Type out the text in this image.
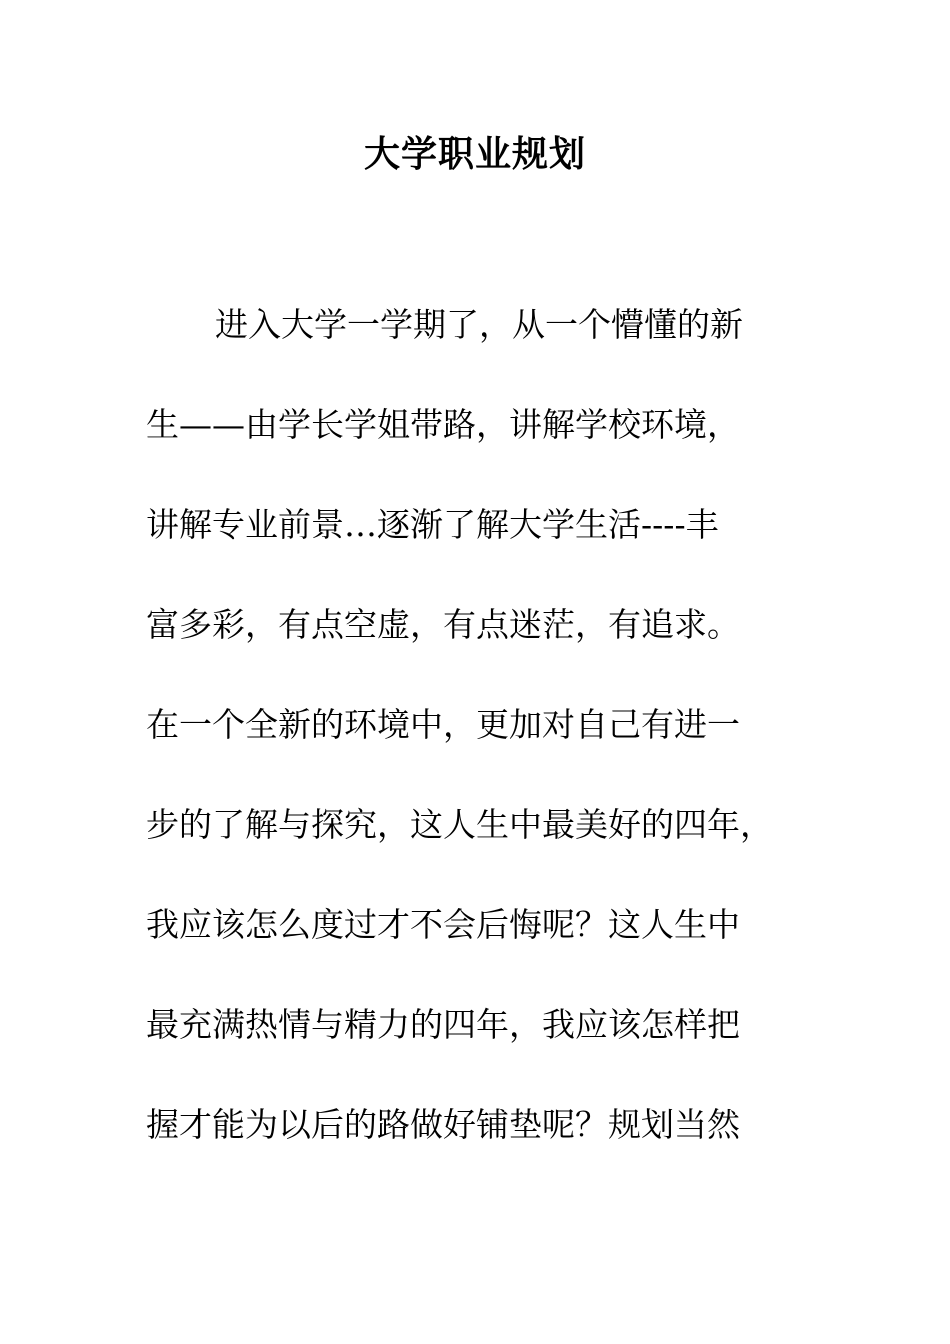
大学职业规划
进入大学一学期了，从一个懵懂的新
生——由学长学姐带路，讲解学校环境，
讲解专业前景…逐渐了解大学生活----丰
富多彩，有点空虚，有点迷茫，有追求。
在一个全新的环境中，更加对自己有进一
步的了解与探究，这人生中最美好的四年，
我应该怎么度过才不会后悔呢？这人生中
最充满热情与精力的四年，我应该怎样把
握才能为以后的路做好铺垫呢？规划当然
